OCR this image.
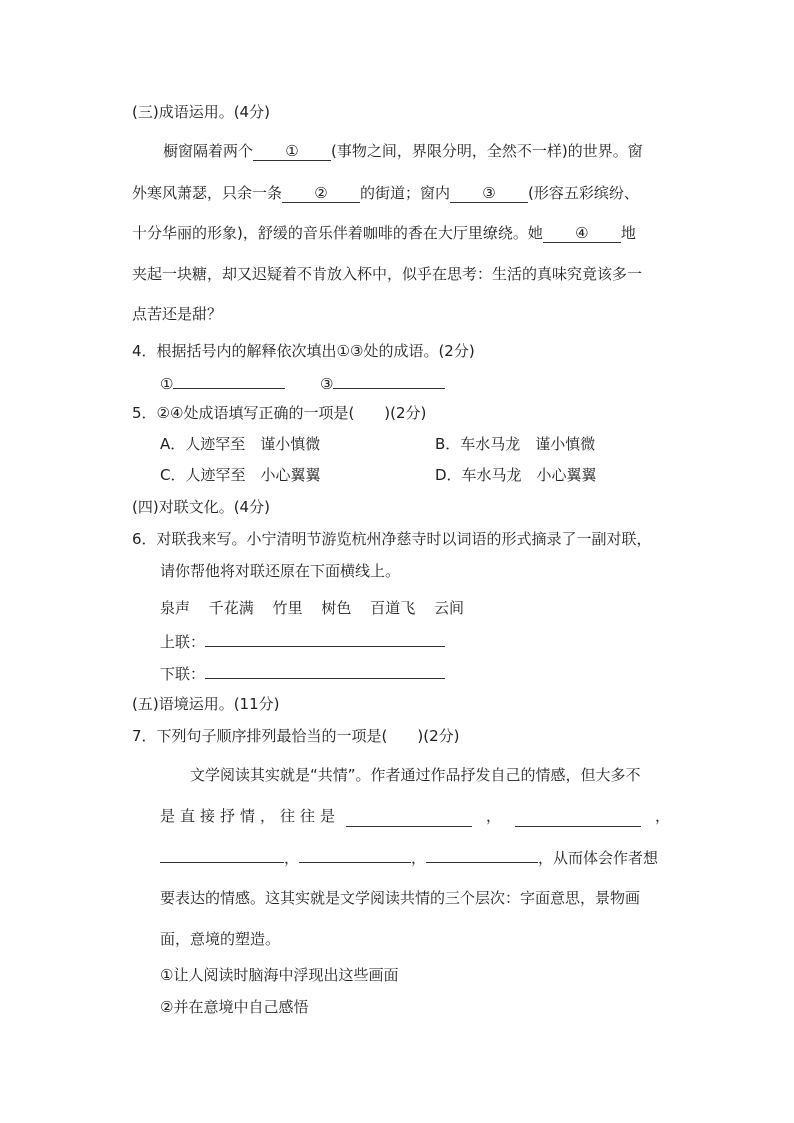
(三)成语运用。(4分)
橱窗隔着两个 ① (事物之间，界限分明，全然不一样)的世界。窗
外寒风萧瑟，只余一条 ② 的街道；窗内 ③ (形容五彩缤纷、
十分华丽的形象)，舒缓的音乐伴着咖啡的香在大厅里缭绕。她 ④ 地
夹起一块糖，却又迟疑着不肯放入杯中，似乎在思考：生活的真味究竟该多一
点苦还是甜？
4．根据括号内的解释依次填出①③处的成语。(2分)
①	③
5．②④处成语填写正确的一项是(　　)(2分)
A．人迹罕至　谨小慎微	B．车水马龙　谨小慎微
C．人迹罕至　小心翼翼	D．车水马龙　小心翼翼
(四)对联文化。(4分)
6．对联我来写。小宁清明节游览杭州净慈寺时以词语的形式摘录了一副对联，
请你帮他将对联还原在下面横线上。
泉声 千花满 竹里 树色 百道飞 云间
上联：
下联：
(五)语境运用。(11分)
7．下列句子顺序排列最恰当的一项是(　　)(2分)
文学阅读其实就是“共情”。作者通过作品抒发自己的情感，但大多不
是直接抒情，往往是	，	，
，	，	，从而体会作者想
要表达的情感。这其实就是文学阅读共情的三个层次：字面意思，景物画
面，意境的塑造。
①让人阅读时脑海中浮现出这些画面
②并在意境中自己感悟
